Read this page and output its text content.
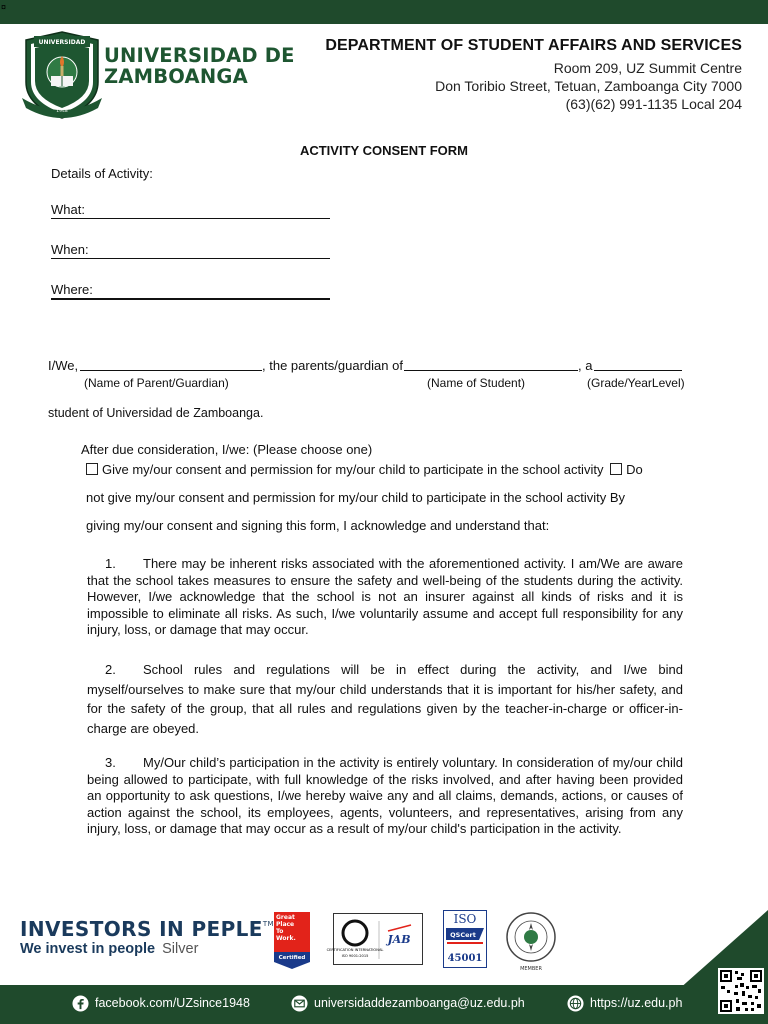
¤
UNIVERSIDAD
1948
UNIVERSIDAD DE
ZAMBOANGA
DEPARTMENT OF STUDENT AFFAIRS AND SERVICES
Room 209, UZ Summit Centre
Don Toribio Street, Tetuan, Zamboanga City 7000
(63)(62) 991-1135 Local 204
ACTIVITY CONSENT FORM
Details of Activity:
What:
When:
Where:
I/We,	, the parents/guardian of	, a
(Name of Parent/Guardian)	(Name of Student)	(Grade/YearLevel)
student of Universidad de Zamboanga.
After due consideration, I/we: (Please choose one)
Give my/our consent and permission for my/our child to participate in the school activity Do
not give my/our consent and permission for my/our child to participate in the school activity By
giving my/our consent and signing this form, I acknowledge and understand that:
1. There may be inherent risks associated with the aforementioned activity. I am/We are aware that the school takes measures to ensure the safety and well-being of the students during the activity. However, I/we acknowledge that the school is not an insurer against all kinds of risks and it is impossible to eliminate all risks. As such, I/we voluntarily assume and accept full responsibility for any injury, loss, or damage that may occur.
2. School rules and regulations will be in effect during the activity, and I/we bind myself/ourselves to make sure that my/our child understands that it is important for his/her safety, and for the safety of the group, that all rules and regulations given by the teacher-in-charge or officer-in-charge are obeyed.
3. My/Our child’s participation in the activity is entirely voluntary. In consideration of my/our child being allowed to participate, with full knowledge of the risks involved, and after having been provided an opportunity to ask questions, I/we hereby waive any and all claims, demands, actions, or causes of action against the school, its employees, agents, volunteers, and representatives, arising from any injury, loss, or damage that may occur as a result of my/our child's participation in the activity.
INVESTORS IN PEPLE™
We invest in people Silver
Great
Place
To
Work.
Certified
CERTIFICATION INTERNATIONAL
ISO 9001:2015
JAB
ISO
QSCert
45001
MEMBER
facebook.com/UZsince1948	universidaddezamboanga@uz.edu.ph	https://uz.edu.ph
